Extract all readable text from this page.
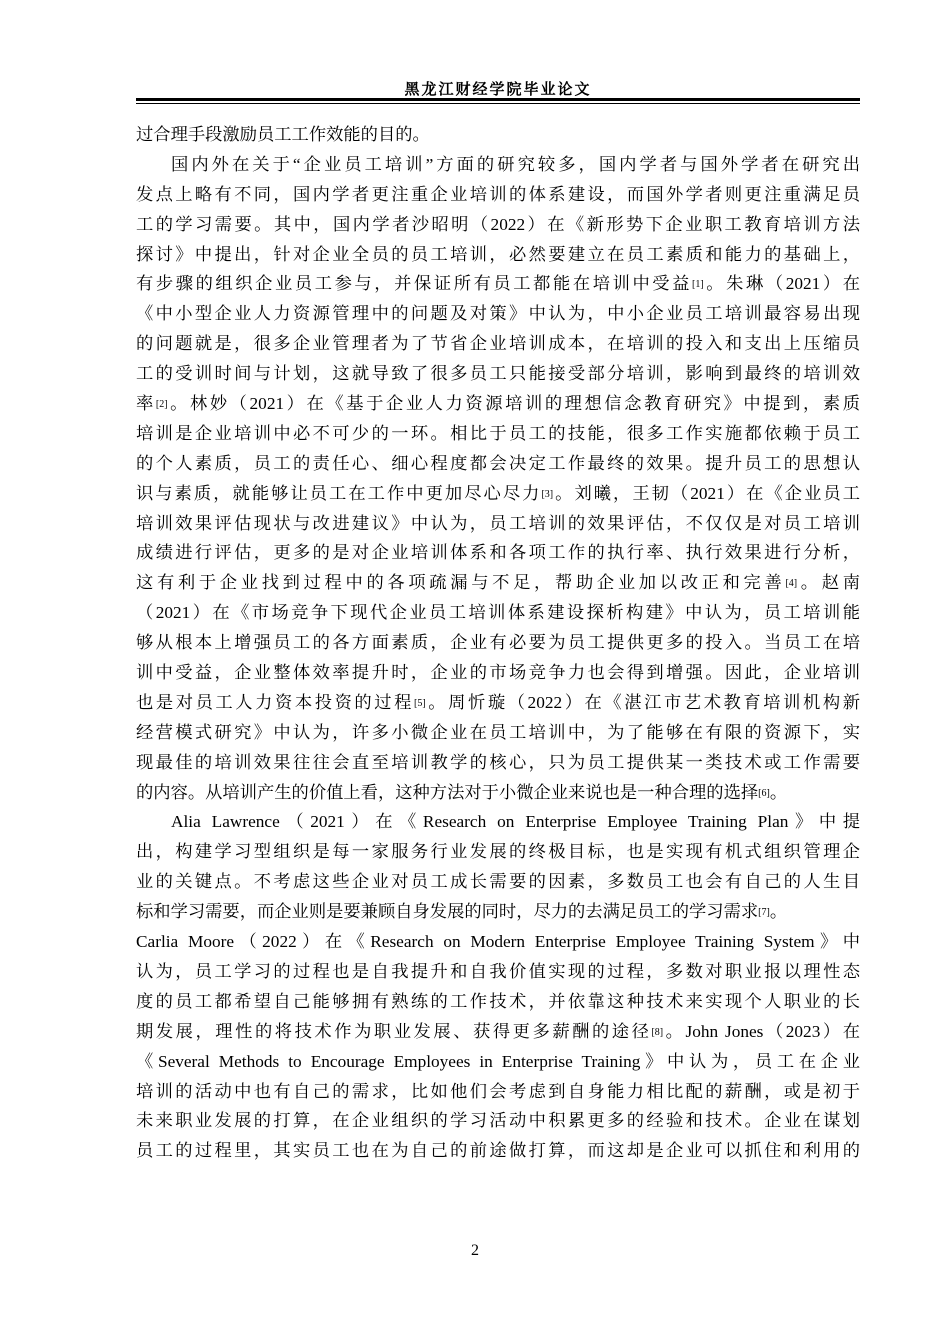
黑龙江财经学院毕业论文
过合理手段激励员工工作效能的目的。
国内外在关于“企业员工培训”方面的研究较多，国内学者与国外学者在研究出
发点上略有不同，国内学者更注重企业培训的体系建设，而国外学者则更注重满足员
工的学习需要。其中，国内学者沙昭明（2022）在《新形势下企业职工教育培训方法
探讨》中提出，针对企业全员的员工培训，必然要建立在员工素质和能力的基础上，
有步骤的组织企业员工参与，并保证所有员工都能在培训中受益[1]。朱琳（2021）在
《中小型企业人力资源管理中的问题及对策》中认为，中小企业员工培训最容易出现
的问题就是，很多企业管理者为了节省企业培训成本，在培训的投入和支出上压缩员
工的受训时间与计划，这就导致了很多员工只能接受部分培训，影响到最终的培训效
率[2]。林妙（2021）在《基于企业人力资源培训的理想信念教育研究》中提到，素质
培训是企业培训中必不可少的一环。相比于员工的技能，很多工作实施都依赖于员工
的个人素质，员工的责任心、细心程度都会决定工作最终的效果。提升员工的思想认
识与素质，就能够让员工在工作中更加尽心尽力[3]。刘曦，王韧（2021）在《企业员工
培训效果评估现状与改进建议》中认为，员工培训的效果评估，不仅仅是对员工培训
成绩进行评估，更多的是对企业培训体系和各项工作的执行率、执行效果进行分析，
这有利于企业找到过程中的各项疏漏与不足，帮助企业加以改正和完善[4]。赵南
（2021）在《市场竞争下现代企业员工培训体系建设探析构建》中认为，员工培训能
够从根本上增强员工的各方面素质，企业有必要为员工提供更多的投入。当员工在培
训中受益，企业整体效率提升时，企业的市场竞争力也会得到增强。因此，企业培训
也是对员工人力资本投资的过程[5]。周忻璇（2022）在《湛江市艺术教育培训机构新
经营模式研究》中认为，许多小微企业在员工培训中，为了能够在有限的资源下，实
现最佳的培训效果往往会直至培训教学的核心，只为员工提供某一类技术或工作需要
的内容。从培训产生的价值上看，这种方法对于小微企业来说也是一种合理的选择[6]。
Alia Lawrence（2021）在《Research on Enterprise Employee Training Plan》中提
出，构建学习型组织是每一家服务行业发展的终极目标，也是实现有机式组织管理企
业的关键点。不考虑这些企业对员工成长需要的因素，多数员工也会有自己的人生目
标和学习需要，而企业则是要兼顾自身发展的同时，尽力的去满足员工的学习需求[7]。
Carlia Moore（2022）在《Research on Modern Enterprise Employee Training System》中
认为，员工学习的过程也是自我提升和自我价值实现的过程，多数对职业报以理性态
度的员工都希望自己能够拥有熟练的工作技术，并依靠这种技术来实现个人职业的长
期发展，理性的将技术作为职业发展、获得更多薪酬的途径[8]。John Jones（2023）在
《Several Methods to Encourage Employees in Enterprise Training》中认为，员工在企业
培训的活动中也有自己的需求，比如他们会考虑到自身能力相比配的薪酬，或是初于
未来职业发展的打算，在企业组织的学习活动中积累更多的经验和技术。企业在谋划
员工的过程里，其实员工也在为自己的前途做打算，而这却是企业可以抓住和利用的
2
